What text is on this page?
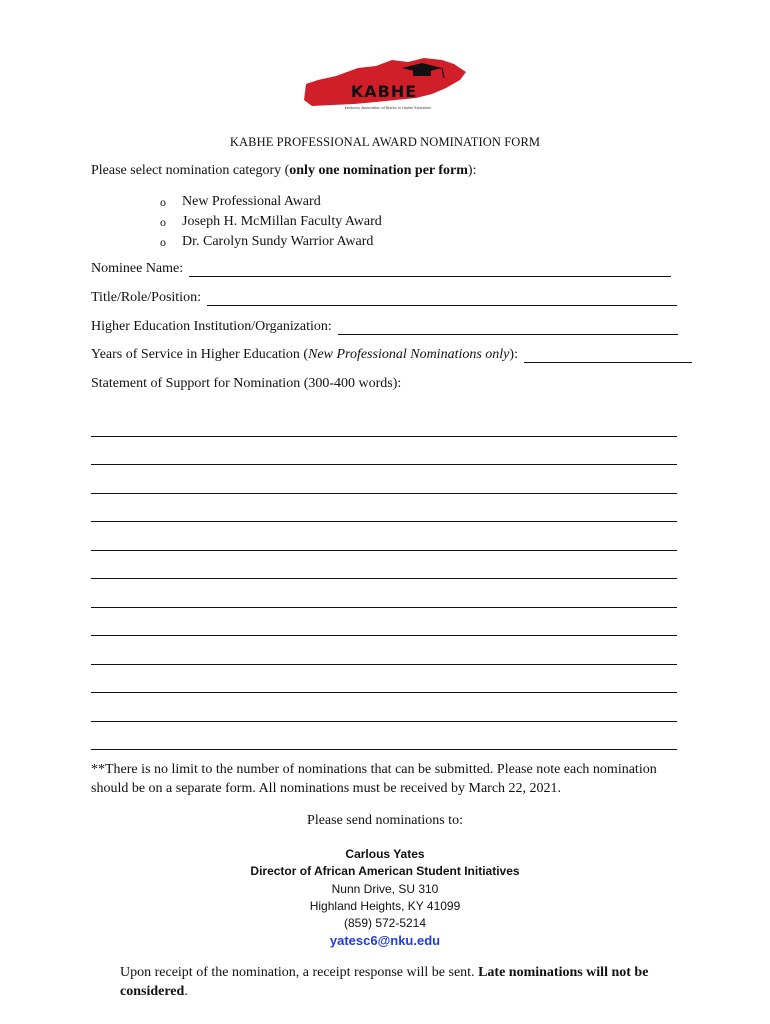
KABHE
Kentucky Association of Blacks in Higher Education
KABHE PROFESSIONAL AWARD NOMINATION FORM
Please select nomination category (only one nomination per form):
o	New Professional Award
o	Joseph H. McMillan Faculty Award
o	Dr. Carolyn Sundy Warrior Award
Nominee Name:
Title/Role/Position:
Higher Education Institution/Organization:
Years of Service in Higher Education (New Professional Nominations only):
Statement of Support for Nomination (300-400 words):
**There is no limit to the number of nominations that can be submitted. Please note each nomination should be on a separate form. All nominations must be received by March 22, 2021.
Please send nominations to:
Carlous Yates
Director of African American Student Initiatives
Nunn Drive, SU 310
Highland Heights, KY 41099
(859) 572-5214
yatesc6@nku.edu
Upon receipt of the nomination, a receipt response will be sent. Late nominations will not be
considered.
